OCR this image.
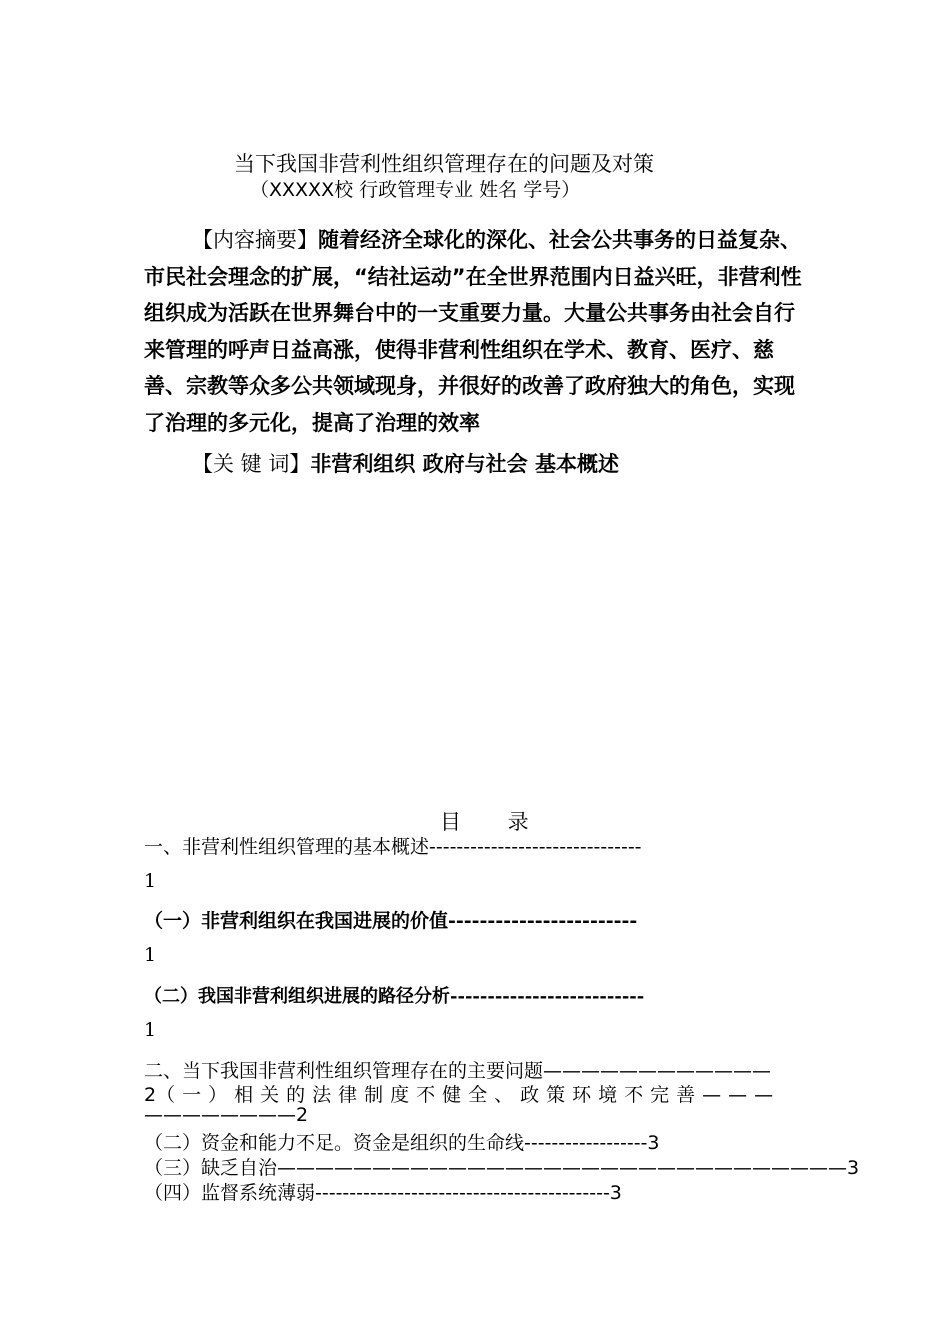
当下我国非营利性组织管理存在的问题及对策
（XXXXX校 行政管理专业 姓名 学号）

【内容摘要】随着经济全球化的深化、社会公共事务的日益复杂、市民社会理念的扩展，“结社运动”在全世界范围内日益兴旺，非营利性组织成为活跃在世界舞台中的一支重要力量。大量公共事务由社会自行来管理的呼声日益高涨，使得非营利性组织在学术、教育、医疗、慈善、宗教等众多公共领域现身，并很好的改善了政府独大的角色，实现了治理的多元化，提高了治理的效率

【关 键 词】非营利组织 政府与社会 基本概述
目 录
一、非营利性组织管理的基本概述-------------------------------
1
（一）非营利组织在我国进展的价值------------------------
1
（二）我国非营利组织进展的路径分析--------------------------
1
二、当下我国非营利性组织管理存在的主要问题————————————
2（一）相关的法律制度不健全、政策环境不完善———
————————2
（二）资金和能力不足。资金是组织的生命线------------------3
（三）缺乏自治——————————————————————————————3
（四）监督系统薄弱-------------------------------------------3
